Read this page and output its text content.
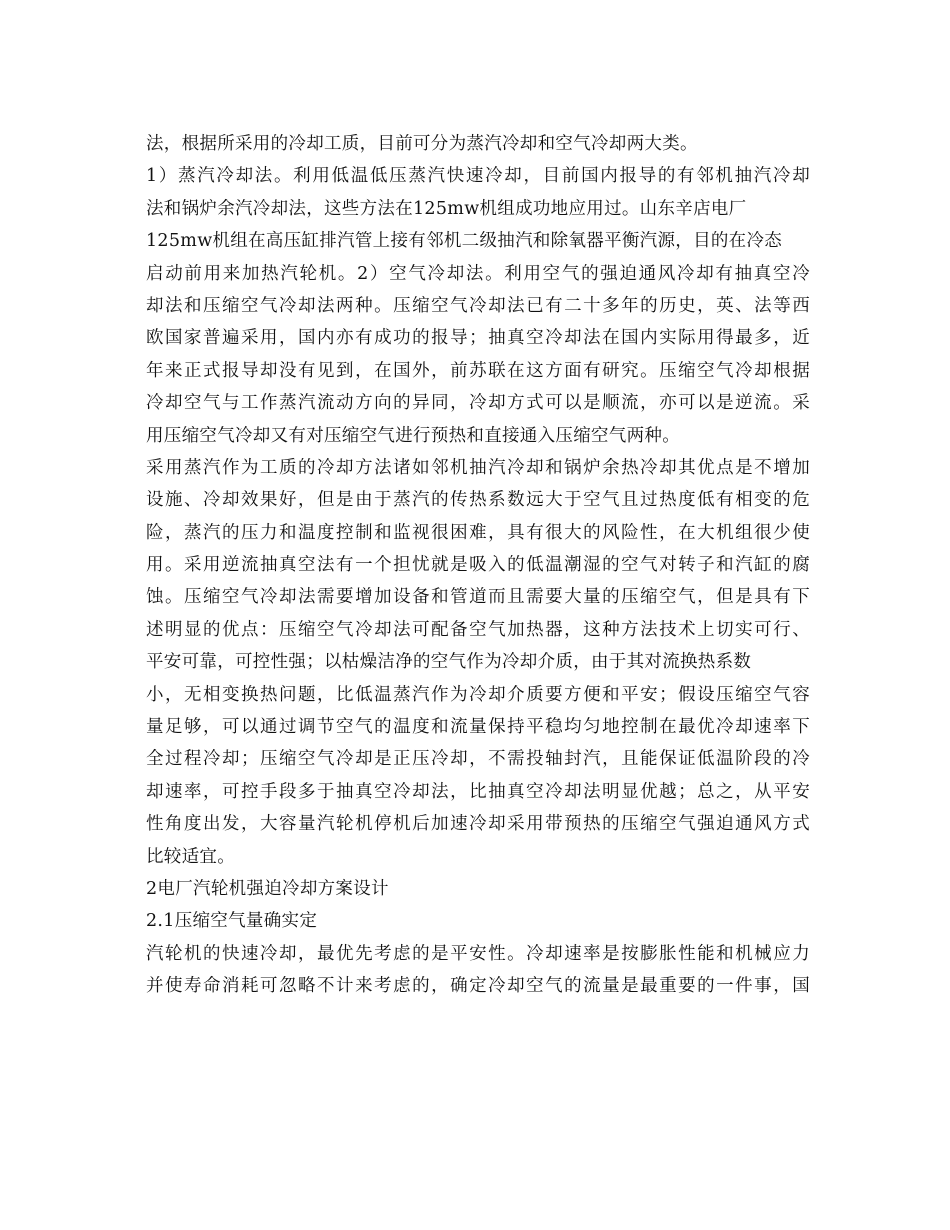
法，根据所采用的冷却工质，目前可分为蒸汽冷却和空气冷却两大类。
1）蒸汽冷却法。利用低温低压蒸汽快速冷却，目前国内报导的有邻机抽汽冷却
法和锅炉余汽冷却法，这些方法在125mw机组成功地应用过。山东辛店电厂
125mw机组在高压缸排汽管上接有邻机二级抽汽和除氧器平衡汽源，目的在冷态
启动前用来加热汽轮机。2）空气冷却法。利用空气的强迫通风冷却有抽真空冷
却法和压缩空气冷却法两种。压缩空气冷却法已有二十多年的历史，英、法等西
欧国家普遍采用，国内亦有成功的报导；抽真空冷却法在国内实际用得最多，近
年来正式报导却没有见到，在国外，前苏联在这方面有研究。压缩空气冷却根据
冷却空气与工作蒸汽流动方向的异同，冷却方式可以是顺流，亦可以是逆流。采
用压缩空气冷却又有对压缩空气进行预热和直接通入压缩空气两种。
采用蒸汽作为工质的冷却方法诸如邻机抽汽冷却和锅炉余热冷却其优点是不增加
设施、冷却效果好，但是由于蒸汽的传热系数远大于空气且过热度低有相变的危
险，蒸汽的压力和温度控制和监视很困难，具有很大的风险性，在大机组很少使
用。采用逆流抽真空法有一个担忧就是吸入的低温潮湿的空气对转子和汽缸的腐
蚀。压缩空气冷却法需要增加设备和管道而且需要大量的压缩空气，但是具有下
述明显的优点：压缩空气冷却法可配备空气加热器，这种方法技术上切实可行、
平安可靠，可控性强；以枯燥洁净的空气作为冷却介质，由于其对流换热系数
小，无相变换热问题，比低温蒸汽作为冷却介质要方便和平安；假设压缩空气容
量足够，可以通过调节空气的温度和流量保持平稳均匀地控制在最优冷却速率下
全过程冷却；压缩空气冷却是正压冷却，不需投轴封汽，且能保证低温阶段的冷
却速率，可控手段多于抽真空冷却法，比抽真空冷却法明显优越；总之，从平安
性角度出发，大容量汽轮机停机后加速冷却采用带预热的压缩空气强迫通风方式
比较适宜。
2电厂汽轮机强迫冷却方案设计
2.1压缩空气量确实定
汽轮机的快速冷却，最优先考虑的是平安性。冷却速率是按膨胀性能和机械应力
并使寿命消耗可忽略不计来考虑的，确定冷却空气的流量是最重要的一件事，国
